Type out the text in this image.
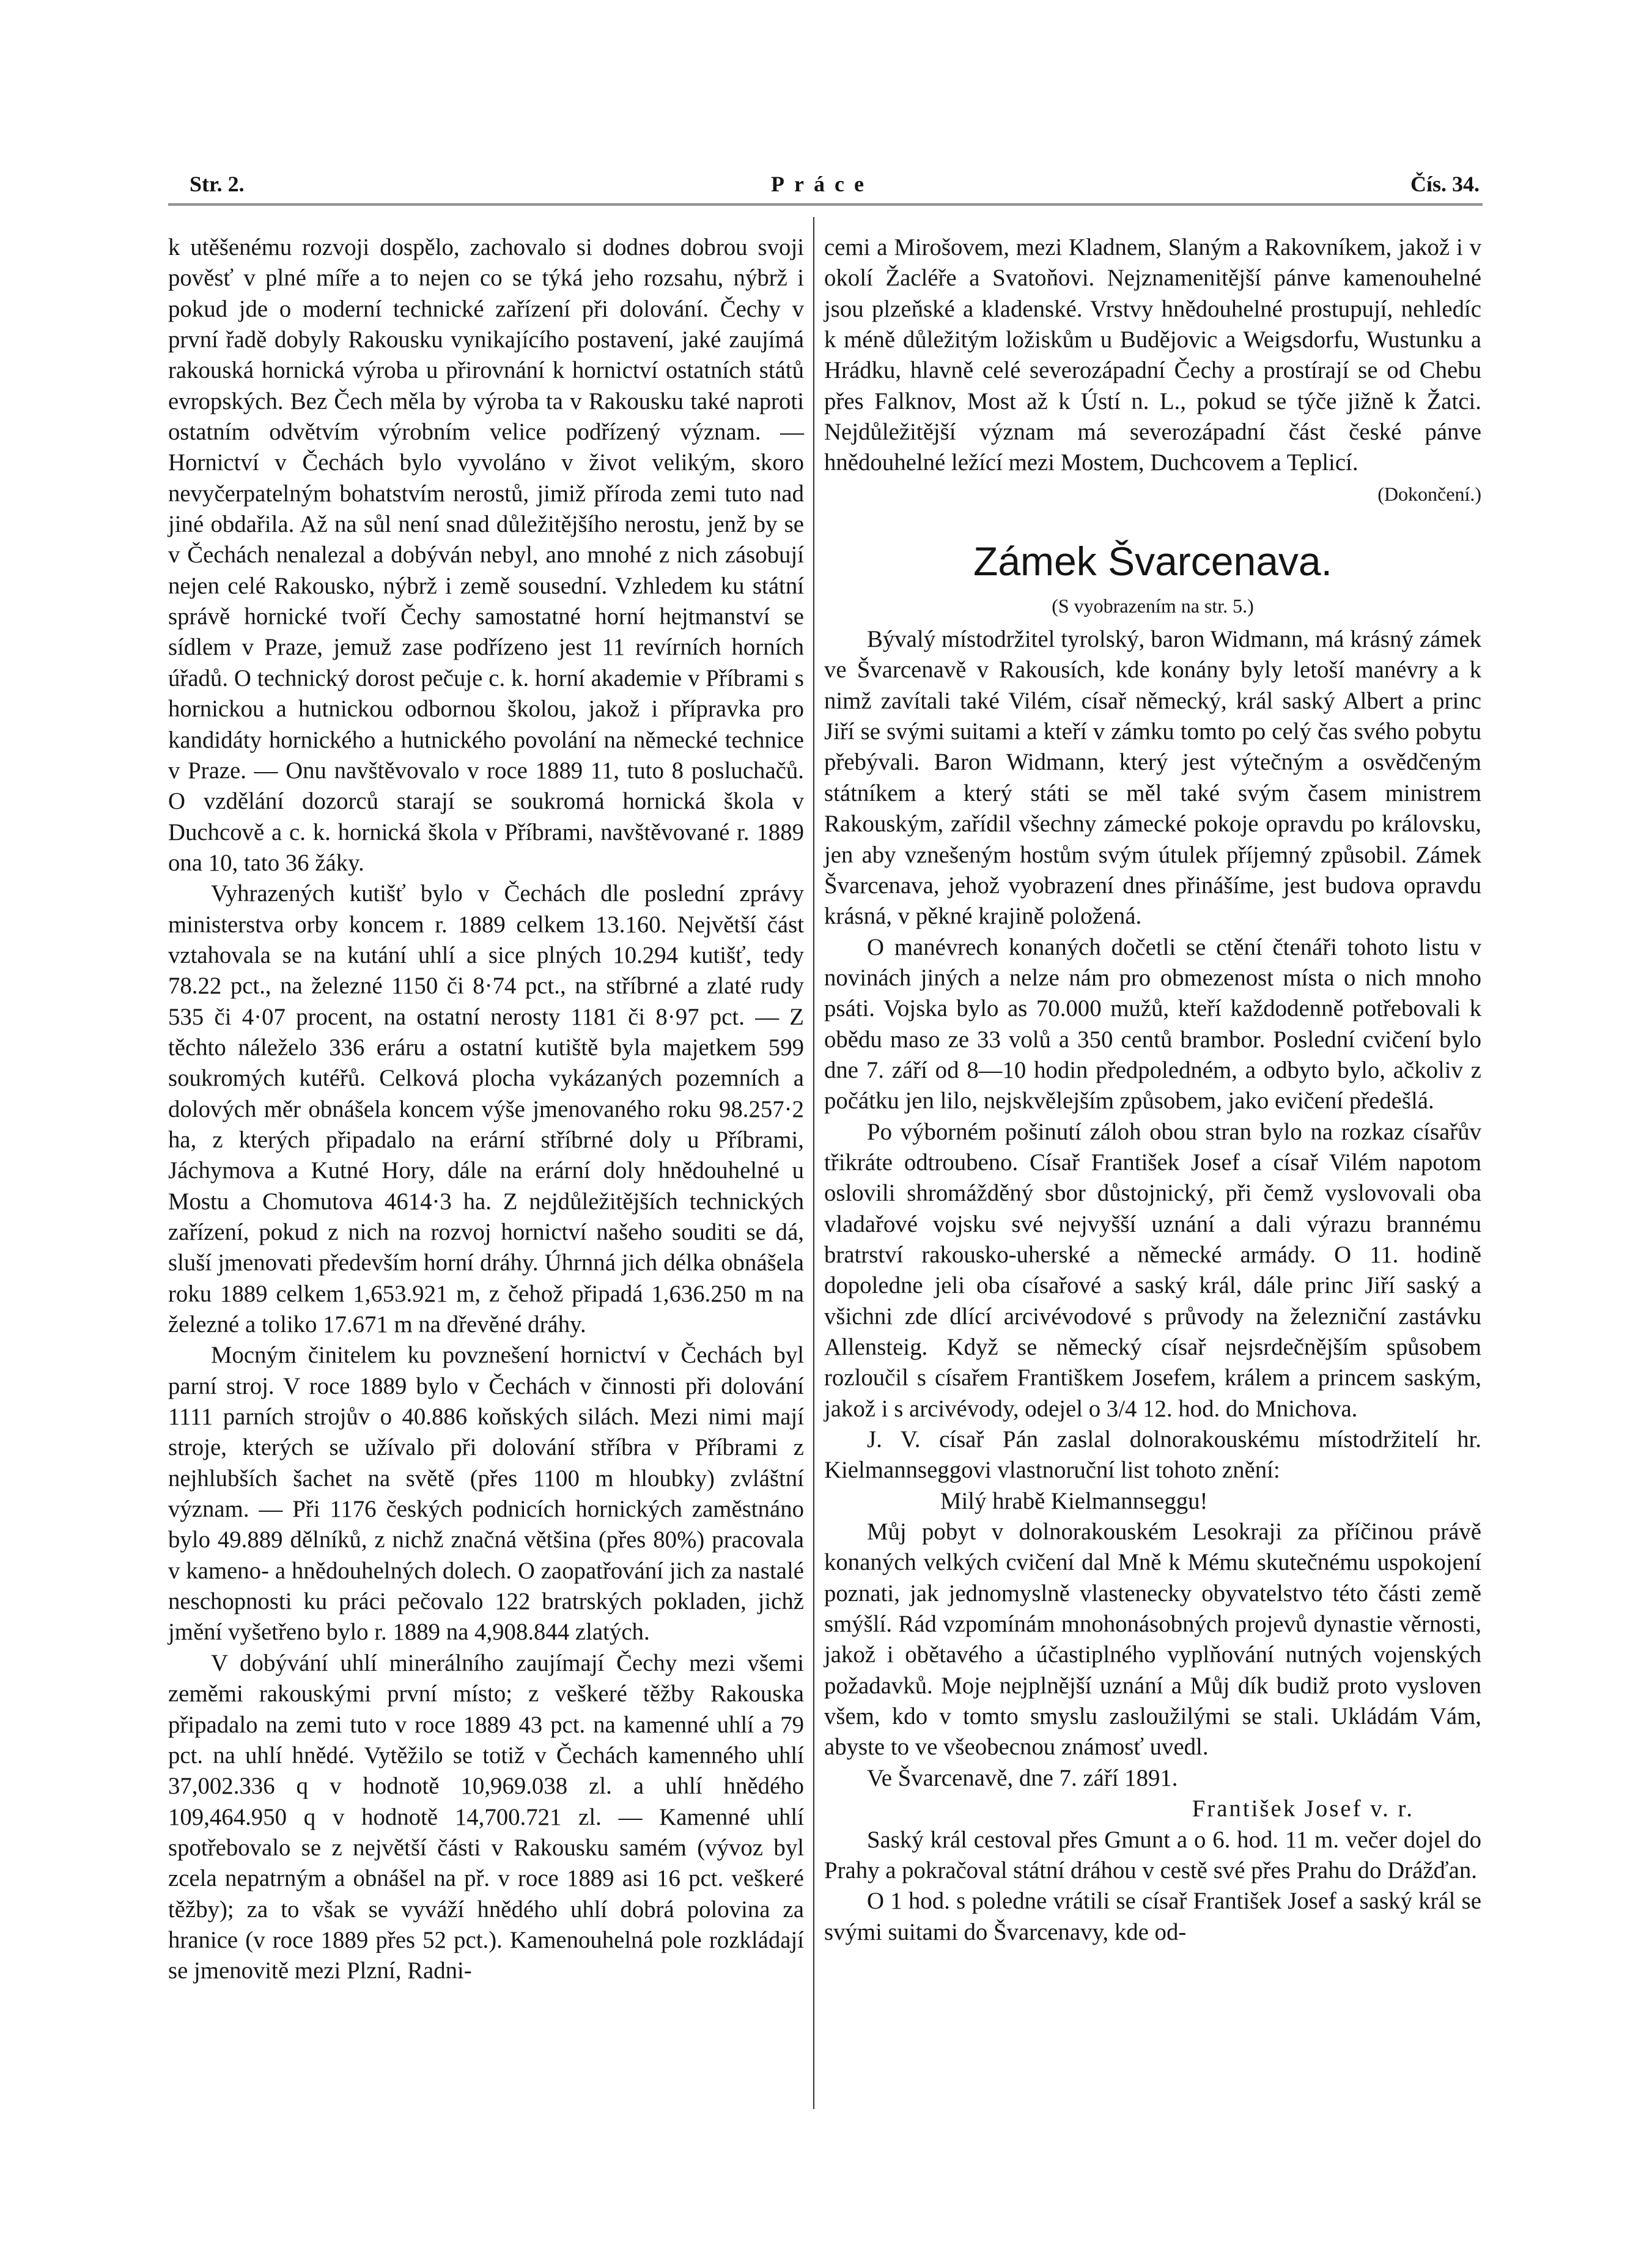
Str. 2.	Práce	Čís. 34.

k utěšenému rozvoji dospělo, zachovalo si dodnes dobrou svoji pověsť v plné míře a to nejen co se týká jeho rozsahu, nýbrž i pokud jde o moderní technické zařízení při dolování. Čechy v první řadě dobyly Rakousku vynikajícího postavení, jaké zaujímá rakouská hornická výroba u přirovnání k hornictví ostatních států evropských. Bez Čech měla by výroba ta v Rakousku také naproti ostatním odvětvím výrobním velice podřízený význam. — Hornictví v Čechách bylo vyvoláno v život velikým, skoro nevyčerpatelným bohatstvím nerostů, jimiž příroda zemi tuto nad jiné obdařila. Až na sůl není snad důležitějšího nerostu, jenž by se v Čechách nenalezal a dobýván nebyl, ano mnohé z nich zásobují nejen celé Rakousko, nýbrž i země sousední. Vzhledem ku státní správě hornické tvoří Čechy samostatné horní hejtmanství se sídlem v Praze, jemuž zase podřízeno jest 11 revírních horních úřadů. O technický dorost pečuje c. k. horní akademie v Příbrami s hornickou a hutnickou odbornou školou, jakož i přípravka pro kandidáty hornického a hutnického povolání na německé technice v Praze. — Onu navštěvovalo v roce 1889 11, tuto 8 posluchačů. O vzdělání dozorců starají se soukromá hornická škola v Duchcově a c. k. hornická škola v Příbrami, navštěvované r. 1889 ona 10, tato 36 žáky.

Vyhrazených kutišť bylo v Čechách dle poslední zprávy ministerstva orby koncem r. 1889 celkem 13.160. Největší část vztahovala se na kutání uhlí a sice plných 10.294 kutišť, tedy 78.22 pct., na železné 1150 či 8·74 pct., na stříbrné a zlaté rudy 535 či 4·07 procent, na ostatní nerosty 1181 či 8·97 pct. — Z těchto náleželo 336 eráru a ostatní kutiště byla majetkem 599 soukromých kutéřů. Celková plocha vykázaných pozemních a dolových měr obnášela koncem výše jmenovaného roku 98.257·2 ha, z kterých připadalo na erární stříbrné doly u Příbrami, Jáchymova a Kutné Hory, dále na erární doly hnědouhelné u Mostu a Chomutova 4614·3 ha. Z nejdůležitějších technických zařízení, pokud z nich na rozvoj hornictví našeho souditi se dá, sluší jmenovati především horní dráhy. Úhrnná jich délka obnášela roku 1889 celkem 1,653.921 m, z čehož připadá 1,636.250 m na železné a toliko 17.671 m na dřevěné dráhy.

Mocným činitelem ku povznešení hornictví v Čechách byl parní stroj. V roce 1889 bylo v Čechách v činnosti při dolování 1111 parních strojův o 40.886 koňských silách. Mezi nimi mají stroje, kterých se užívalo při dolování stříbra v Příbrami z nejhlubších šachet na světě (přes 1100 m hloubky) zvláštní význam. — Při 1176 českých podnicích hornických zaměstnáno bylo 49.889 dělníků, z nichž značná většina (přes 80%) pracovala v kameno- a hnědouhelných dolech. O zaopatřování jich za nastalé neschopnosti ku práci pečovalo 122 bratrských pokladen, jichž jmění vyšetřeno bylo r. 1889 na 4,908.844 zlatých.

V dobývání uhlí minerálního zaujímají Čechy mezi všemi zeměmi rakouskými první místo; z veškeré těžby Rakouska připadalo na zemi tuto v roce 1889 43 pct. na kamenné uhlí a 79 pct. na uhlí hnědé. Vytěžilo se totiž v Čechách kamenného uhlí 37,002.336 q v hodnotě 10,969.038 zl. a uhlí hnědého 109,464.950 q v hodnotě 14,700.721 zl. — Kamenné uhlí spotřebovalo se z největší části v Rakousku samém (vývoz byl zcela nepatrným a obnášel na př. v roce 1889 asi 16 pct. veškeré těžby); za to však se vyváží hnědého uhlí dobrá polovina za hranice (v roce 1889 přes 52 pct.). Kamenouhelná pole rozkládají se jmenovitě mezi Plzní, Radni-

cemi a Mirošovem, mezi Kladnem, Slaným a Rakovníkem, jakož i v okolí Žacléře a Svatoňovi. Nejznamenitější pánve kamenouhelné jsou plzeňské a kladenské. Vrstvy hnědouhelné prostupují, nehledíc k méně důležitým ložiskům u Budějovic a Weigsdorfu, Wustunku a Hrádku, hlavně celé severozápadní Čechy a prostírají se od Chebu přes Falknov, Most až k Ústí n. L., pokud se týče jižně k Žatci. Nejdůležitější význam má severozápadní část české pánve hnědouhelné ležící mezi Mostem, Duchcovem a Teplicí.

(Dokončení.)

Zámek Švarcenava.
(S vyobrazením na str. 5.)

Bývalý místodržitel tyrolský, baron Widmann, má krásný zámek ve Švarcenavě v Rakousích, kde konány byly letoší manévry a k nimž zavítali také Vilém, císař německý, král saský Albert a princ Jiří se svými suitami a kteří v zámku tomto po celý čas svého pobytu přebývali. Baron Widmann, který jest výtečným a osvědčeným státníkem a který státi se měl také svým časem ministrem Rakouským, zařídil všechny zámecké pokoje opravdu po královsku, jen aby vznešeným hostům svým útulek příjemný způsobil. Zámek Švarcenava, jehož vyobrazení dnes přinášíme, jest budova opravdu krásná, v pěkné krajině položená.

O manévrech konaných dočetli se ctění čtenáři tohoto listu v novinách jiných a nelze nám pro obmezenost místa o nich mnoho psáti. Vojska bylo as 70.000 mužů, kteří každodenně potřebovali k obědu maso ze 33 volů a 350 centů brambor. Poslední cvičení bylo dne 7. září od 8—10 hodin předpoledném, a odbyto bylo, ačkoliv z počátku jen lilo, nejskvělejším způsobem, jako evičení předešlá.

Po výborném pošinutí záloh obou stran bylo na rozkaz císařův třikráte odtroubeno. Císař František Josef a císař Vilém napotom oslovili shromážděný sbor důstojnický, při čemž vyslovovali oba vladařové vojsku své nejvyšší uznání a dali výrazu brannému bratrství rakousko-uherské a německé armády. O 11. hodině dopoledne jeli oba císařové a saský král, dále princ Jiří saský a všichni zde dlící arcivévodové s průvody na železniční zastávku Allensteig. Když se německý císař nejsrdečnějším spůsobem rozloučil s císařem Františkem Josefem, králem a princem saským, jakož i s arcivévody, odejel o 3/4 12. hod. do Mnichova.

J. V. císař Pán zaslal dolnorakouskému místodržitelí hr. Kielmannseggovi vlastnoruční list tohoto znění:

Milý hrabě Kielmannseggu!

Můj pobyt v dolnorakouském Lesokraji za příčinou právě konaných velkých cvičení dal Mně k Mému skutečnému uspokojení poznati, jak jednomyslně vlastenecky obyvatelstvo této části země smýšlí. Rád vzpomínám mnohonásobných projevů dynastie věrnosti, jakož i obětavého a účastiplného vyplňování nutných vojenských požadavků. Moje nejplnější uznání a Můj dík budiž proto vysloven všem, kdo v tomto smyslu zasloužilými se stali. Ukládám Vám, abyste to ve všeobecnou známosť uvedl.

Ve Švarcenavě, dne 7. září 1891.

František Josef v. r.

Saský král cestoval přes Gmunt a o 6. hod. 11 m. večer dojel do Prahy a pokračoval státní dráhou v cestě své přes Prahu do Drážďan.

O 1 hod. s poledne vrátili se císař František Josef a saský král se svými suitami do Švarcenavy, kde od-
